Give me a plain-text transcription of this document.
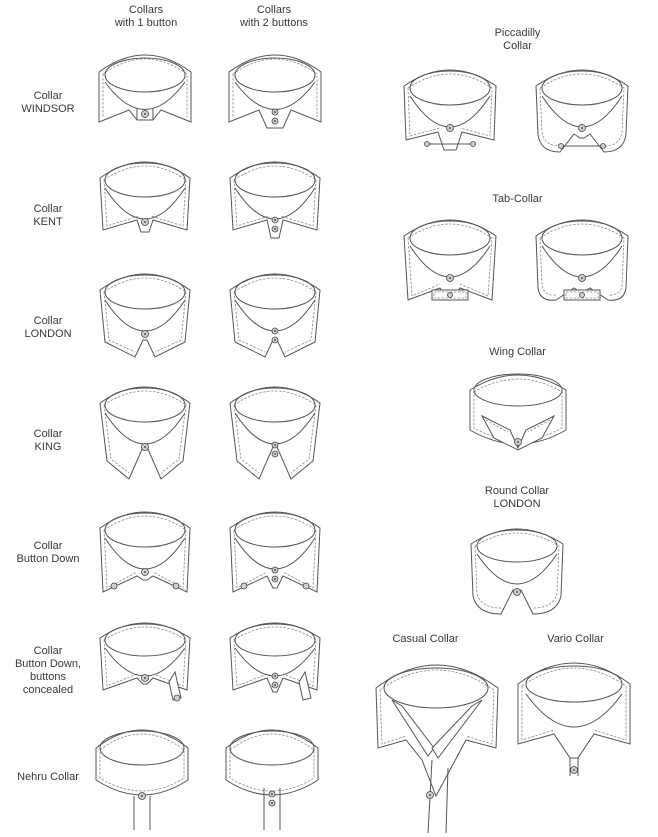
Collars
with 1 button
Collars
with 2 buttons
Collar
WINDSOR
Collar
KENT
Collar
LONDON
Collar
KING
Collar
Button Down
Collar
Button Down,
buttons
concealed
Nehru Collar
Piccadilly
Collar
Tab-Collar
Wing Collar
Round Collar
LONDON
Casual Collar	Vario Collar
